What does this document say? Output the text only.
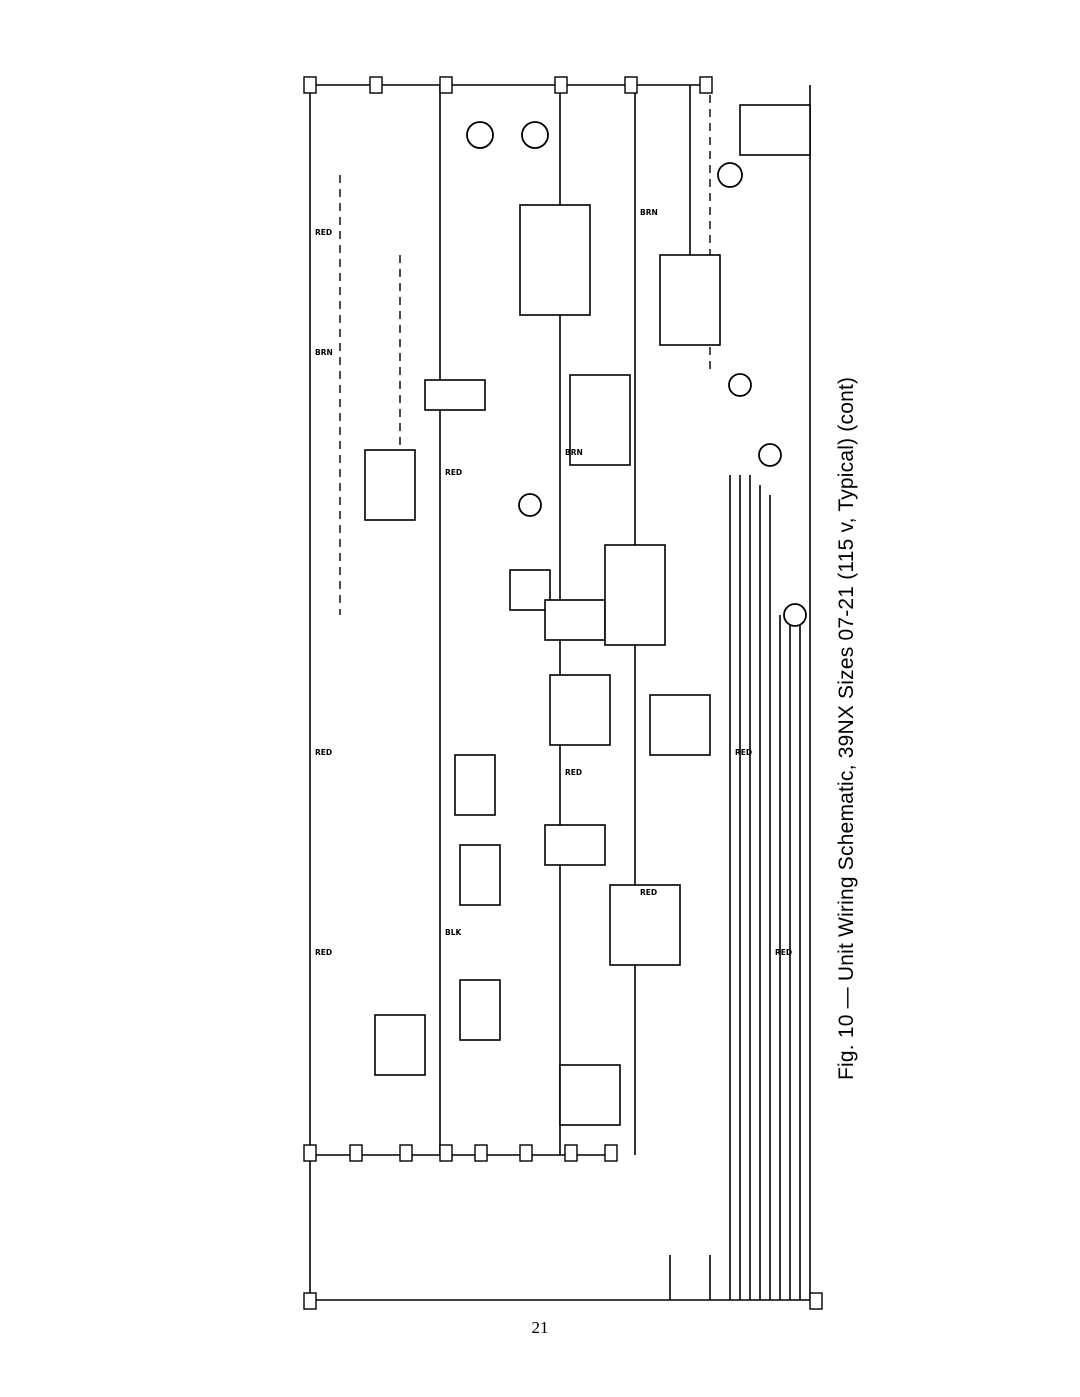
RED
BRN
RED
RED
RED
BLK
BRN
RED
BRN
RED
RED
RED Fig. 10 — Unit Wiring Schematic, 39NX Sizes 07-21 (115 v, Typical) (cont)
21
